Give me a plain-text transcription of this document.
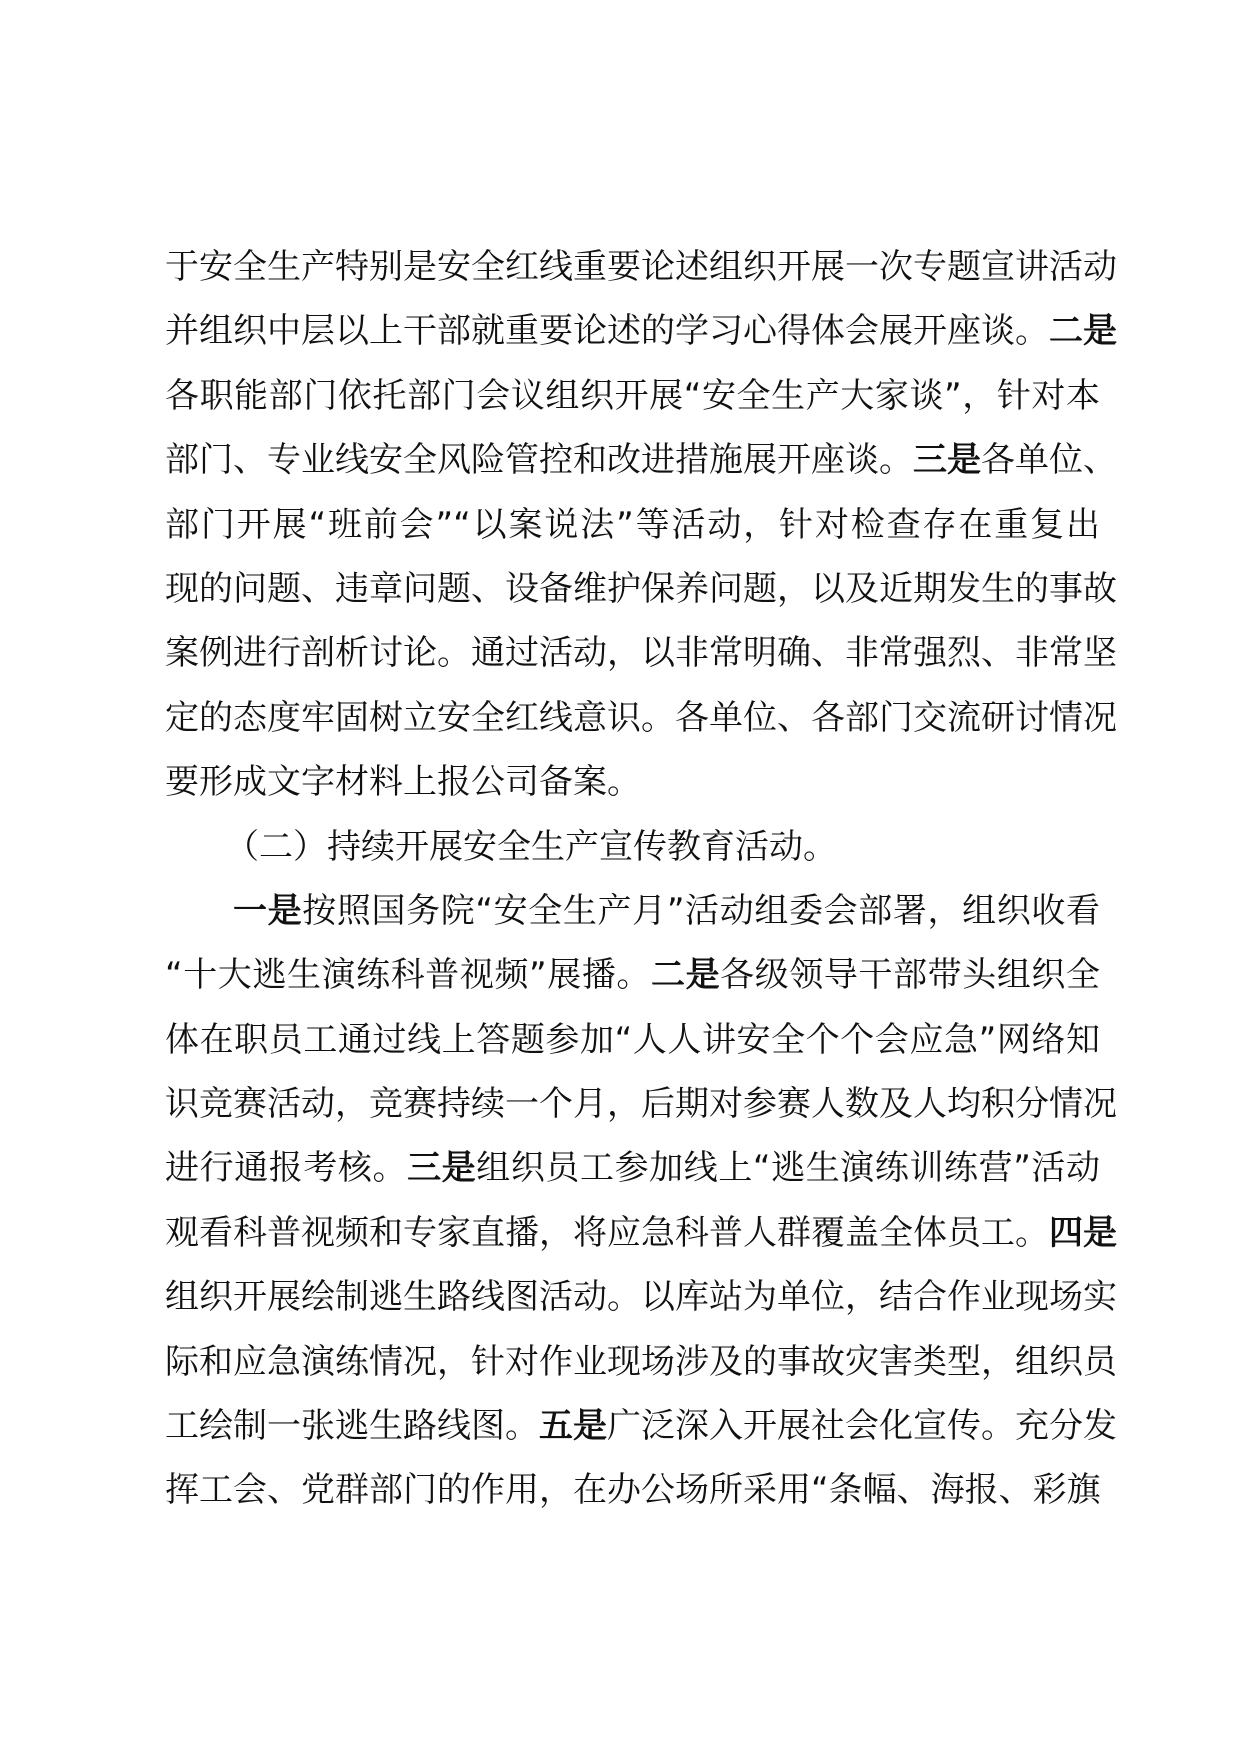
于安全生产特别是安全红线重要论述组织开展一次专题宣讲活动
并组织中层以上干部就重要论述的学习心得体会展开座谈。二是
各职能部门依托部门会议组织开展“安全生产大家谈”，针对本
部门、专业线安全风险管控和改进措施展开座谈。三是各单位、
部门开展“班前会”“以案说法”等活动，针对检查存在重复出
现的问题、违章问题、设备维护保养问题，以及近期发生的事故
案例进行剖析讨论。通过活动，以非常明确、非常强烈、非常坚
定的态度牢固树立安全红线意识。各单位、各部门交流研讨情况
要形成文字材料上报公司备案。
（二）持续开展安全生产宣传教育活动。
一是按照国务院“安全生产月”活动组委会部署，组织收看
“十大逃生演练科普视频”展播。二是各级领导干部带头组织全
体在职员工通过线上答题参加“人人讲安全个个会应急”网络知
识竞赛活动，竞赛持续一个月，后期对参赛人数及人均积分情况
进行通报考核。三是组织员工参加线上“逃生演练训练营”活动
观看科普视频和专家直播，将应急科普人群覆盖全体员工。四是
组织开展绘制逃生路线图活动。以库站为单位，结合作业现场实
际和应急演练情况，针对作业现场涉及的事故灾害类型，组织员
工绘制一张逃生路线图。五是广泛深入开展社会化宣传。充分发
挥工会、党群部门的作用，在办公场所采用“条幅、海报、彩旗
